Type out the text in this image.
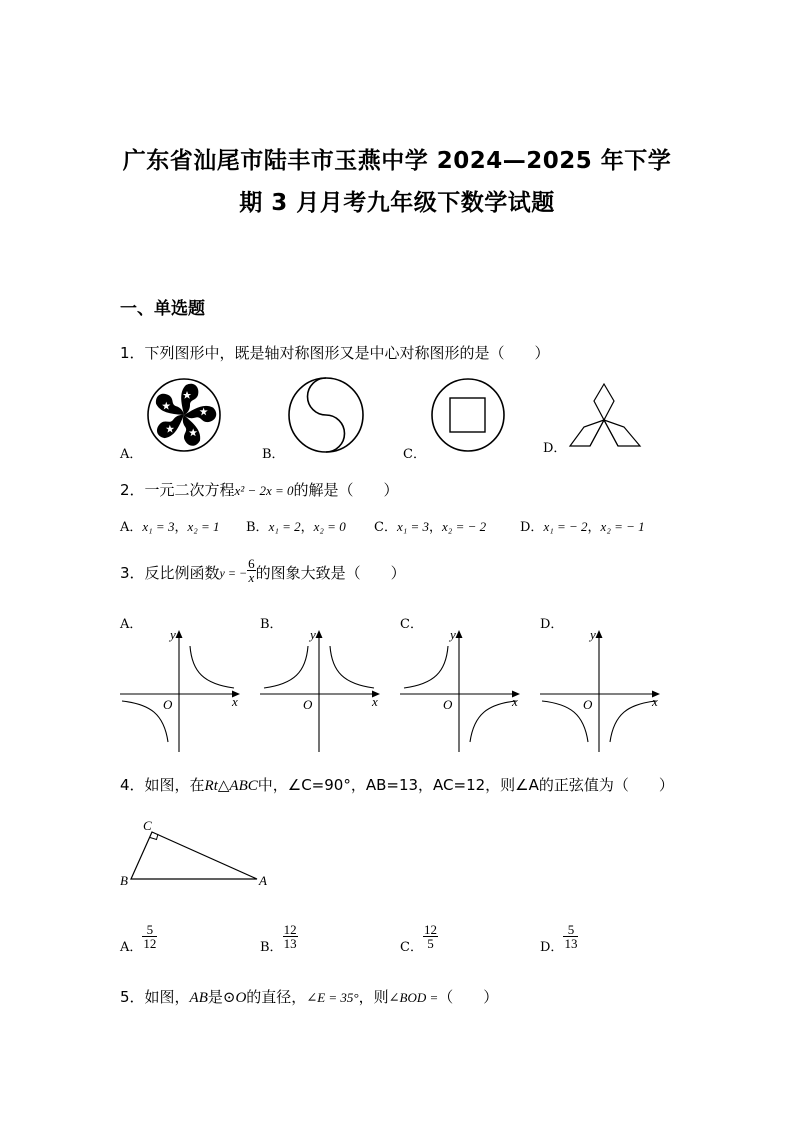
广东省汕尾市陆丰市玉燕中学 2024—2025 年下学
期 3 月月考九年级下数学试题
一、单选题
1．下列图形中，既是轴对称图形又是中心对称图形的是（　　）
A．	B．	C．	D．
2．一元二次方程x² − 2x = 0的解是（　　）
A．x₁ = 3，x₂ = 1 B．x₁ = 2，x₂ = 0 C．x₁ = 3，x₂ = − 2	D．x₁ = − 2，x₂ = − 1
3．反比例函数y = − $\frac{6}{x}$ 的图象大致是（　　）
A．	B．	C．	D．
y
x
O
y
x
O
y
x
O
y
x
O
4．如图，在Rt△ABC中，∠C=90°，AB=13，AC=12，则∠A的正弦值为（　　）
C
B	A
A． $\frac{5}{12}$	B． $\frac{12}{13}$	C． $\frac{12}{5}$	D． $\frac{5}{13}$
5．如图，AB是⊙O的直径，∠E = 35°，则∠BOD =（　　）
